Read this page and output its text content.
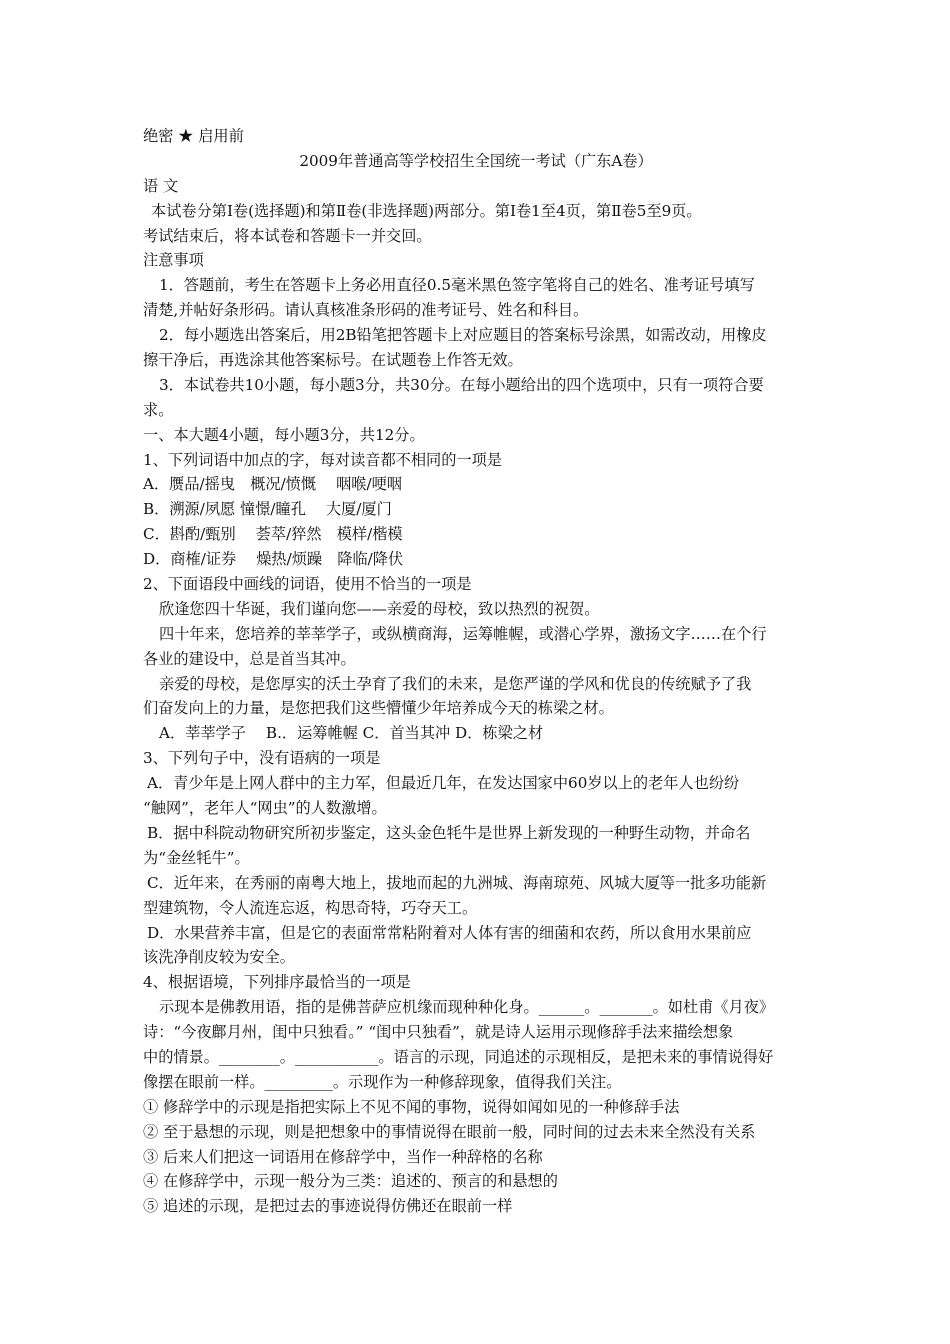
绝密 ★ 启用前
2009年普通高等学校招生全国统一考试（广东A卷）
语 文
本试卷分第Ⅰ卷(选择题)和第Ⅱ卷(非选择题)两部分。第Ⅰ卷1至4页，第Ⅱ卷5至9页。
考试结束后，将本试卷和答题卡一并交回。
注意事项
1．答题前，考生在答题卡上务必用直径0.5毫米黑色签字笔将自己的姓名、准考证号填写
清楚,并帖好条形码。请认真核准条形码的准考证号、姓名和科目。
2．每小题选出答案后，用2B铅笔把答题卡上对应题目的答案标号涂黑，如需改动，用橡皮
擦干净后，再选涂其他答案标号。在试题卷上作答无效。
3．本试卷共10小题，每小题3分，共30分。在每小题给出的四个选项中，只有一项符合要
求。
一、本大题4小题，每小题3分，共12分。
1、下列词语中加点的字，每对读音都不相同的一项是
A．赝品/摇曳　概况/愤慨　 咽喉/哽咽
B．溯源/夙愿 憧憬/瞳孔　 大厦/厦门
C．斟酌/甄别　 荟萃/猝然　模样/楷模
D．商榷/证券　 燥热/烦躁　降临/降伏
2、下面语段中画线的词语，使用不恰当的一项是
欣逢您四十华诞，我们谨向您——亲爱的母校，致以热烈的祝贺。
四十年来，您培养的莘莘学子，或纵横商海，运筹帷幄，或潜心学界，激扬文字……在个行
各业的建设中，总是首当其冲。
亲爱的母校，是您厚实的沃土孕育了我们的未来，是您严谨的学风和优良的传统赋予了我
们奋发向上的力量，是您把我们这些懵懂少年培养成今天的栋梁之材。
A．莘莘学子　 B.．运筹帷幄 C．首当其冲 D．栋梁之材
3、下列句子中，没有语病的一项是
A．青少年是上网人群中的主力军，但最近几年，在发达国家中60岁以上的老年人也纷纷
“触网”，老年人“网虫”的人数激增。
B．据中科院动物研究所初步鉴定，这头金色牦牛是世界上新发现的一种野生动物，并命名
为“金丝牦牛”。
C．近年来，在秀丽的南粤大地上，拔地而起的九洲城、海南琼苑、风城大厦等一批多功能新
型建筑物，令人流连忘返，构思奇特，巧夺天工。
D．水果营养丰富，但是它的表面常常粘附着对人体有害的细菌和农药，所以食用水果前应
该洗净削皮较为安全。
4、根据语境，下列排序最恰当的一项是
示现本是佛教用语，指的是佛菩萨应机缘而现种种化身。______。_______。如杜甫《月夜》
诗：“今夜鄜月州，闺中只独看。” “闺中只独看”，就是诗人运用示现修辞手法来描绘想象
中的情景。________。___________。语言的示现，同追述的示现相反，是把未来的事情说得好
像摆在眼前一样。_________。示现作为一种修辞现象，值得我们关注。
① 修辞学中的示现是指把实际上不见不闻的事物，说得如闻如见的一种修辞手法
② 至于悬想的示现，则是把想象中的事情说得在眼前一般，同时间的过去未来全然没有关系
③ 后来人们把这一词语用在修辞学中，当作一种辞格的名称
④ 在修辞学中，示现一般分为三类：追述的、预言的和悬想的
⑤ 追述的示现，是把过去的事迹说得仿佛还在眼前一样
